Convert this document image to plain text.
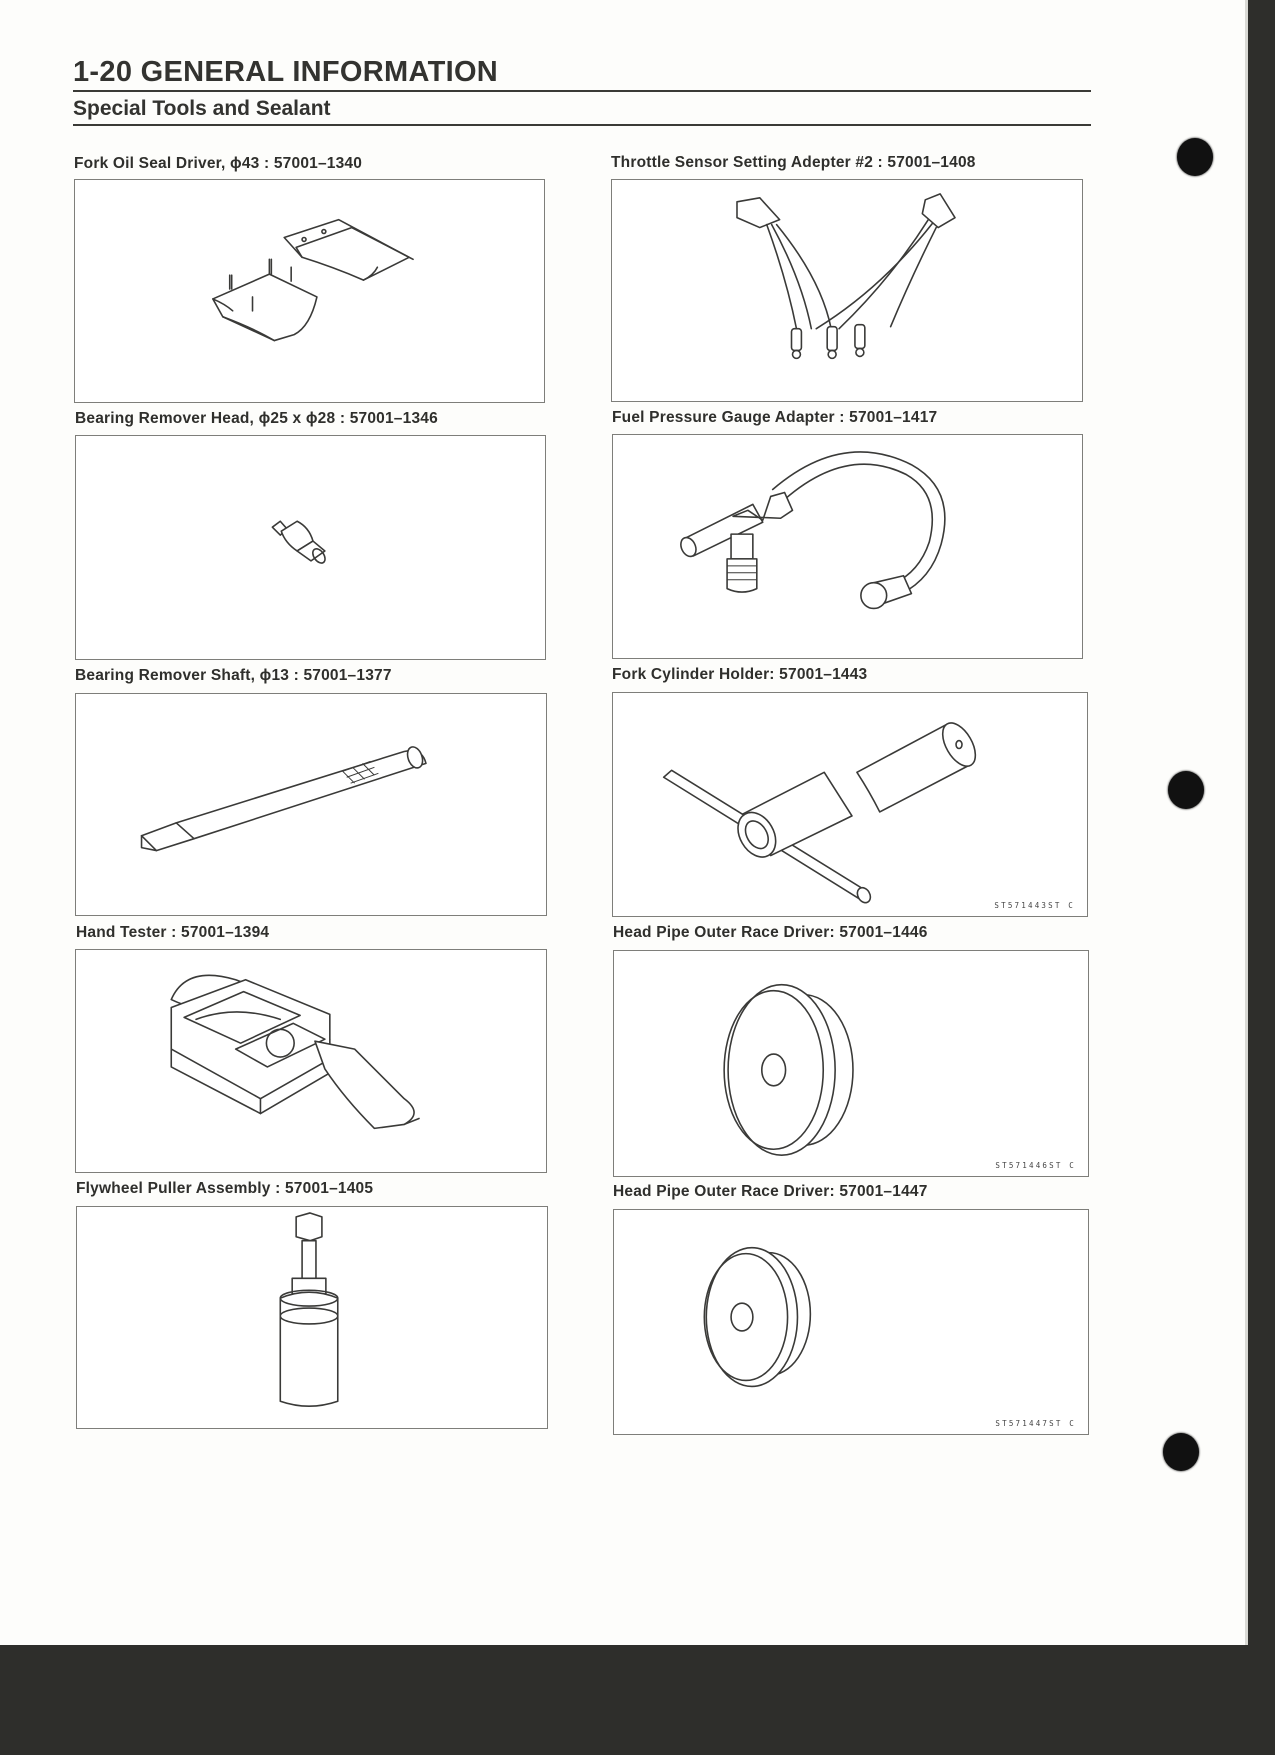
1-20 GENERAL INFORMATION
Special Tools and Sealant
Fork Oil Seal Driver, ϕ43 : 57001–1340
Bearing Remover Head, ϕ25 x ϕ28 : 57001–1346
Bearing Remover Shaft, ϕ13 : 57001–1377
Hand Tester : 57001–1394
Flywheel Puller Assembly : 57001–1405
Throttle Sensor Setting Adepter #2 : 57001–1408
Fuel Pressure Gauge Adapter : 57001–1417
Fork Cylinder Holder: 57001–1443
ST571443ST C
Head Pipe Outer Race Driver: 57001–1446
ST571446ST C
Head Pipe Outer Race Driver: 57001–1447
ST571447ST C
